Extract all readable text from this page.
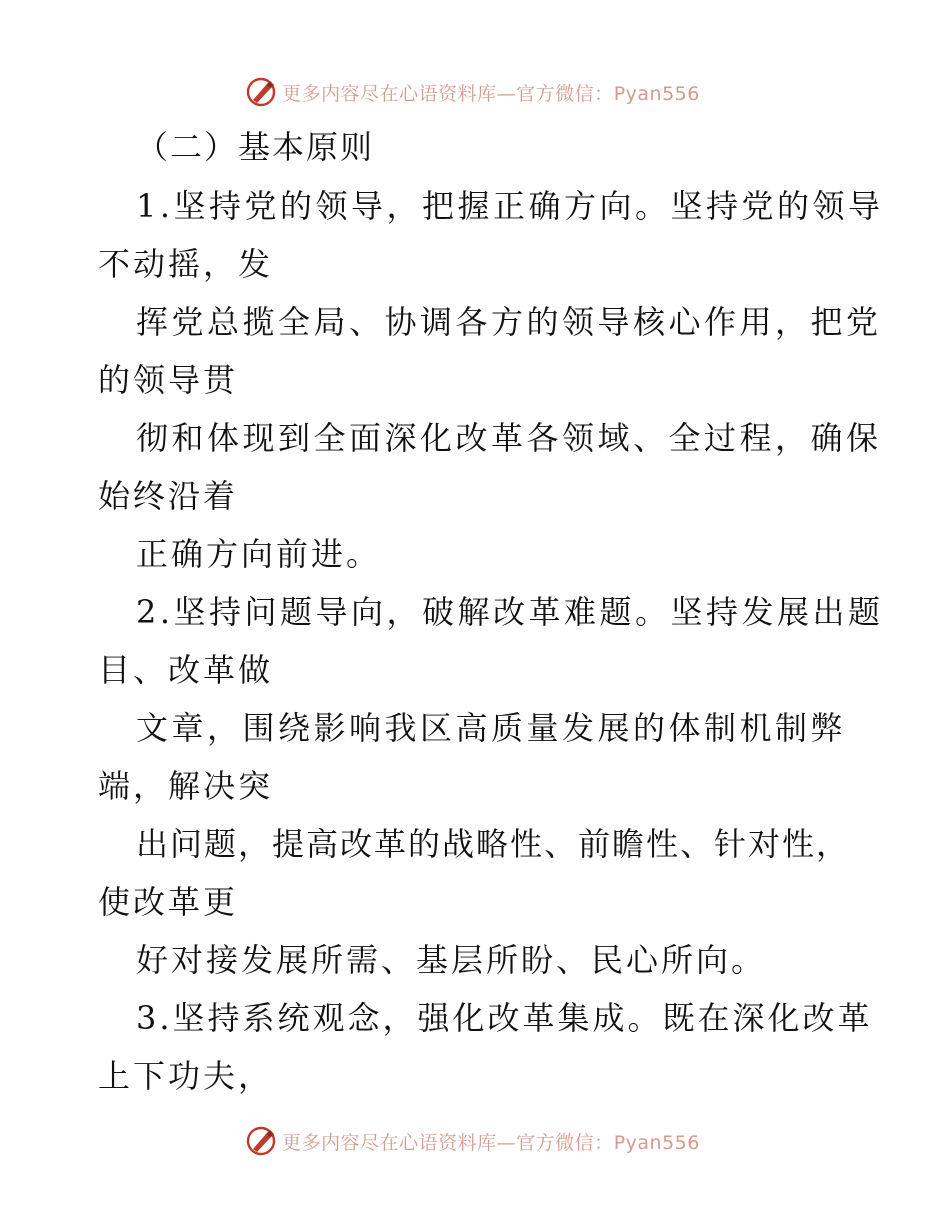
更多内容尽在心语资料库—官方微信：Pyan556
（二）基本原则
1.坚持党的领导，把握正确方向。坚持党的领导
不动摇，发
挥党总揽全局、协调各方的领导核心作用，把党
的领导贯
彻和体现到全面深化改革各领域、全过程，确保
始终沿着
正确方向前进。
2.坚持问题导向，破解改革难题。坚持发展出题
目、改革做
文章，围绕影响我区高质量发展的体制机制弊
端，解决突
出问题，提高改革的战略性、前瞻性、针对性，
使改革更
好对接发展所需、基层所盼、民心所向。
3.坚持系统观念，强化改革集成。既在深化改革
上下功夫，
更多内容尽在心语资料库—官方微信：Pyan556
